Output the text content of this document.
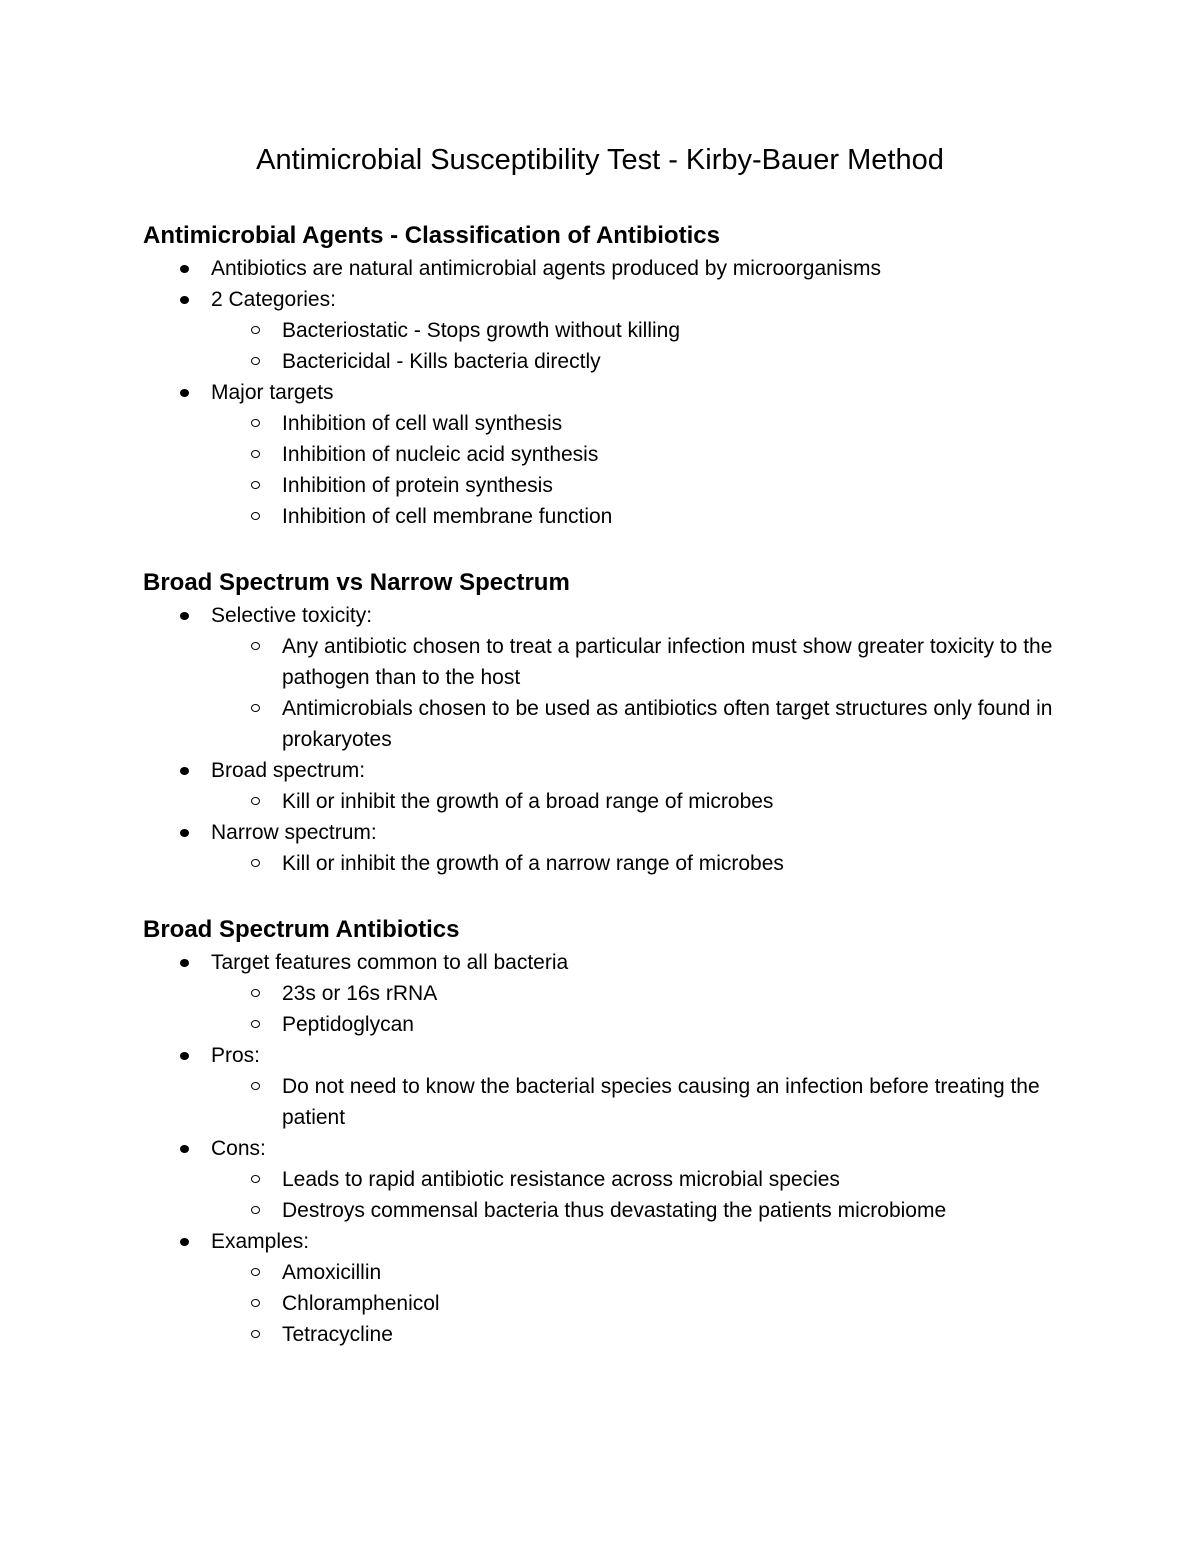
Antimicrobial Susceptibility Test - Kirby-Bauer Method
Antimicrobial Agents - Classification of Antibiotics
Antibiotics are natural antimicrobial agents produced by microorganisms
2 Categories:
Bacteriostatic - Stops growth without killing
Bactericidal - Kills bacteria directly
Major targets
Inhibition of cell wall synthesis
Inhibition of nucleic acid synthesis
Inhibition of protein synthesis
Inhibition of cell membrane function
Broad Spectrum vs Narrow Spectrum
Selective toxicity:
Any antibiotic chosen to treat a particular infection must show greater toxicity to the pathogen than to the host
Antimicrobials chosen to be used as antibiotics often target structures only found in prokaryotes
Broad spectrum:
Kill or inhibit the growth of a broad range of microbes
Narrow spectrum:
Kill or inhibit the growth of a narrow range of microbes
Broad Spectrum Antibiotics
Target features common to all bacteria
23s or 16s rRNA
Peptidoglycan
Pros:
Do not need to know the bacterial species causing an infection before treating the patient
Cons:
Leads to rapid antibiotic resistance across microbial species
Destroys commensal bacteria thus devastating the patients microbiome
Examples:
Amoxicillin
Chloramphenicol
Tetracycline
